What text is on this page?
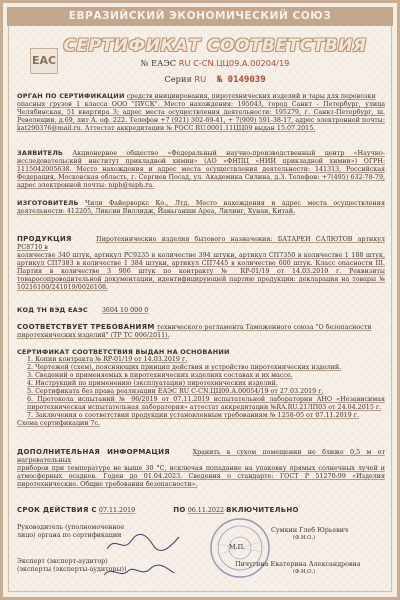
ЕВРАЗИЙСКИЙ ЭКОНОМИЧЕСКИЙ СОЮЗ
EAC
СЕРТИФИКАТ СООТВЕТСТВИЯ
№ ЕАЭС RU C-CN.ЦЦ09.А.00204/19
Серия RU № 0149039
ОРГАН ПО СЕРТИФИКАЦИИ средств инициирования, пиротехнических изделий и тары для перевозки
опасных грузов 1 класса ООО "ПУСК". Место нахождения: 195043, город Санкт - Петербург, улица Челябинская, 51 квартира 3; адрес места осуществления деятельности: 195279, г. Санкт-Петербург, ш. Революции, д.69, лит А. оф. 222. Телефон +7 (921) 302-69-41, + 7(909) 591-38-17, адрес электронной почты: kat290376@mail.ru. Аттестат аккредитации № РОСС RU.0001.11ЦЦ09 выдан 15.07.2015.
ЗАЯВИТЕЛЬ Акционерное общество «Федеральный научно-производственный центр «Научно-исследовательский институт прикладной химии» (АО «ФНПЦ «НИИ прикладной химии») ОГРН: 1115042005638. Место нахождения и адрес места осуществления деятельности: 141313, Российская Федерация, Московская область, г. Сергиев Посад, ул. Академика Силина, д.3. Телефон: +7(495) 632-78-79, адрес электронной почты: niph@niph.ru.
ИЗГОТОВИТЕЛЬ Чили Файерворкс Ко., Лтд. Место нахождения и адрес места осуществления деятельности: 412205, Ликсин Виллидж, Йаньганши Ареа, Лилинг, Хунан, Китай.
ПРОДУКЦИЯ	Пиротехнические изделия бытового назначения: БАТАРЕИ САЛЮТОВ артикул РС8710 в
количестве 340 штук, артикул РС9235 в количестве 394 штуки, артикул СП7350 в количестве 1 188 штук, артикул СП7383 в количестве 1 384 штуки, артикул СП7445 в количестве 600 штук. Класс опасности III. Партия в количестве 3 906 штук по контракту № RP-01/19 от 14.03.2019 г. Реквизиты товаросопроводительной документации, идентифицирующей партию продукции: декларация на товары № 10216100/241019/0026108.
КОД ТН ВЭД ЕАЭС 3604 10 000 0
СООТВЕТСТВУЕТ ТРЕБОВАНИЯМ технического регламента Таможенного союза "О безопасности
пиротехнических изделий" (ТР ТС 006/2011).
СЕРТИФИКАТ СООТВЕТСТВИЯ ВЫДАН НА ОСНОВАНИИ
1. Копии контракта № RP-01/19 от 14.03.2019 г.
2. Чертежей (схем), поясняющих принцип действия и устройство пиротехнических изделий.
3. Сведений о применяемых в пиротехнических изделиях составах и их массе.
4. Инструкций по применению (эксплуатации) пиротехнических изделий.
5. Сертификата без права реализации ЕАЭС RU С-CN.ЦЦ09.А.00054/19 от 27.03.2019 г.
6. Протокола испытаний № 96/2019 от 07.11.2019 испытательной лаборатории АНО «Независимая пиротехническая испытательная лаборатория» аттестат аккредитации №RA.RU.21ЛП03 от 24.04.2015 г.
7. Заключения о соответствии продукции установленным требованиям № 1258-05 от 07.11.2019 г.
Схема сертификации 7с.
ДОПОЛНИТЕЛЬНАЯ ИНФОРМАЦИЯ	Хранить в сухом помещении не ближе 0,5 м от нагревательных
приборов при температуре не выше 30 °С, исключая попадание на упаковку прямых солнечных лучей и атмосферных осадков. Годен до 01.04.2023. Сведения о стандарте: ГОСТ Р 51270-99 «Изделия пиротехнические. Общие требования безопасности».
СРОК ДЕЙСТВИЯ С 07.11.2019	ПО 06.11.2022 ВКЛЮЧИТЕЛЬНО
Руководитель (уполномоченное
лицо) органа по сертификации
Эксперт (эксперт-аудитор)
(эксперты (эксперты-аудиторы))
М.П.
Сумкин Глеб Юрьевич
(Ф.И.О.)
Пичугина Екатерина Александровна
(Ф.И.О.)
